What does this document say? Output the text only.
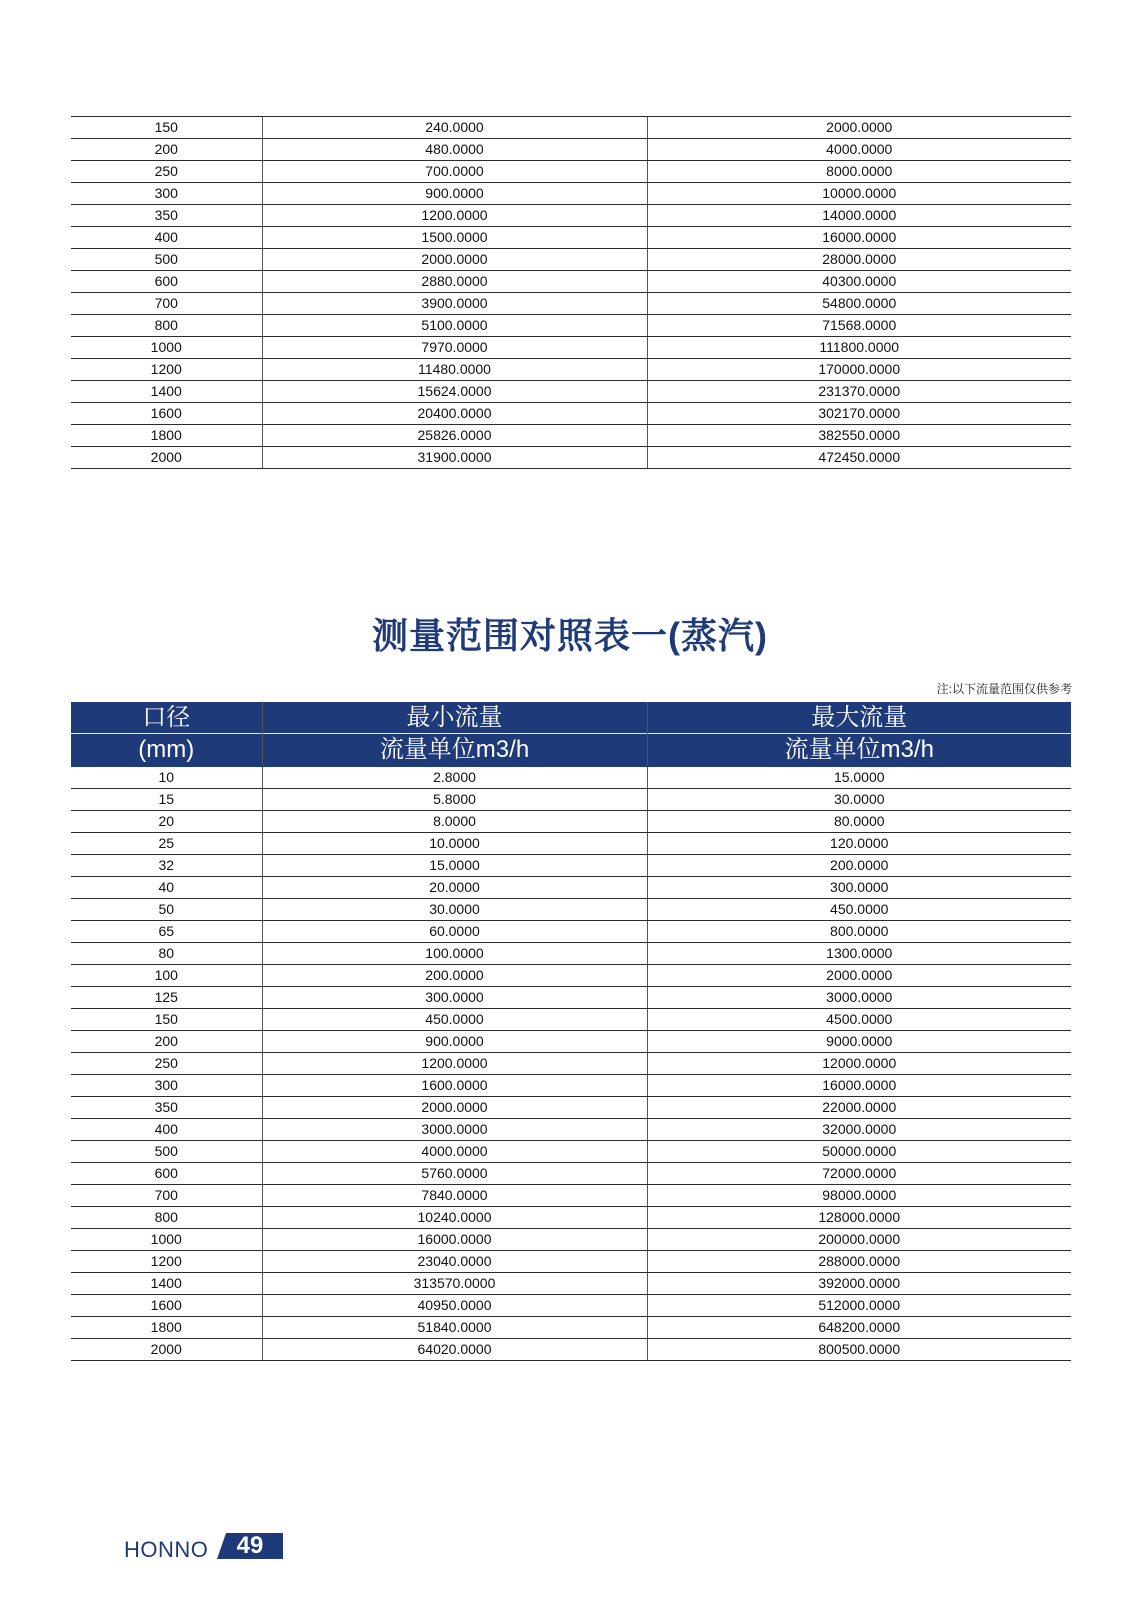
150	240.0000	2000.0000
200	480.0000	4000.0000
250	700.0000	8000.0000
300	900.0000	10000.0000
350	1200.0000	14000.0000
400	1500.0000	16000.0000
500	2000.0000	28000.0000
600	2880.0000	40300.0000
700	3900.0000	54800.0000
800	5100.0000	71568.0000
1000	7970.0000	111800.0000
1200	11480.0000	170000.0000
1400	15624.0000	231370.0000
1600	20400.0000	302170.0000
1800	25826.0000	382550.0000
2000	31900.0000	472450.0000
测量范围对照表一(蒸汽)
注:以下流量范围仅供参考
口径	最小流量	最大流量
(mm)	流量单位m3/h	流量单位m3/h
10	2.8000	15.0000
15	5.8000	30.0000
20	8.0000	80.0000
25	10.0000	120.0000
32	15.0000	200.0000
40	20.0000	300.0000
50	30.0000	450.0000
65	60.0000	800.0000
80	100.0000	1300.0000
100	200.0000	2000.0000
125	300.0000	3000.0000
150	450.0000	4500.0000
200	900.0000	9000.0000
250	1200.0000	12000.0000
300	1600.0000	16000.0000
350	2000.0000	22000.0000
400	3000.0000	32000.0000
500	4000.0000	50000.0000
600	5760.0000	72000.0000
700	7840.0000	98000.0000
800	10240.0000	128000.0000
1000	16000.0000	200000.0000
1200	23040.0000	288000.0000
1400	313570.0000	392000.0000
1600	40950.0000	512000.0000
1800	51840.0000	648200.0000
2000	64020.0000	800500.0000
HONNO	49
